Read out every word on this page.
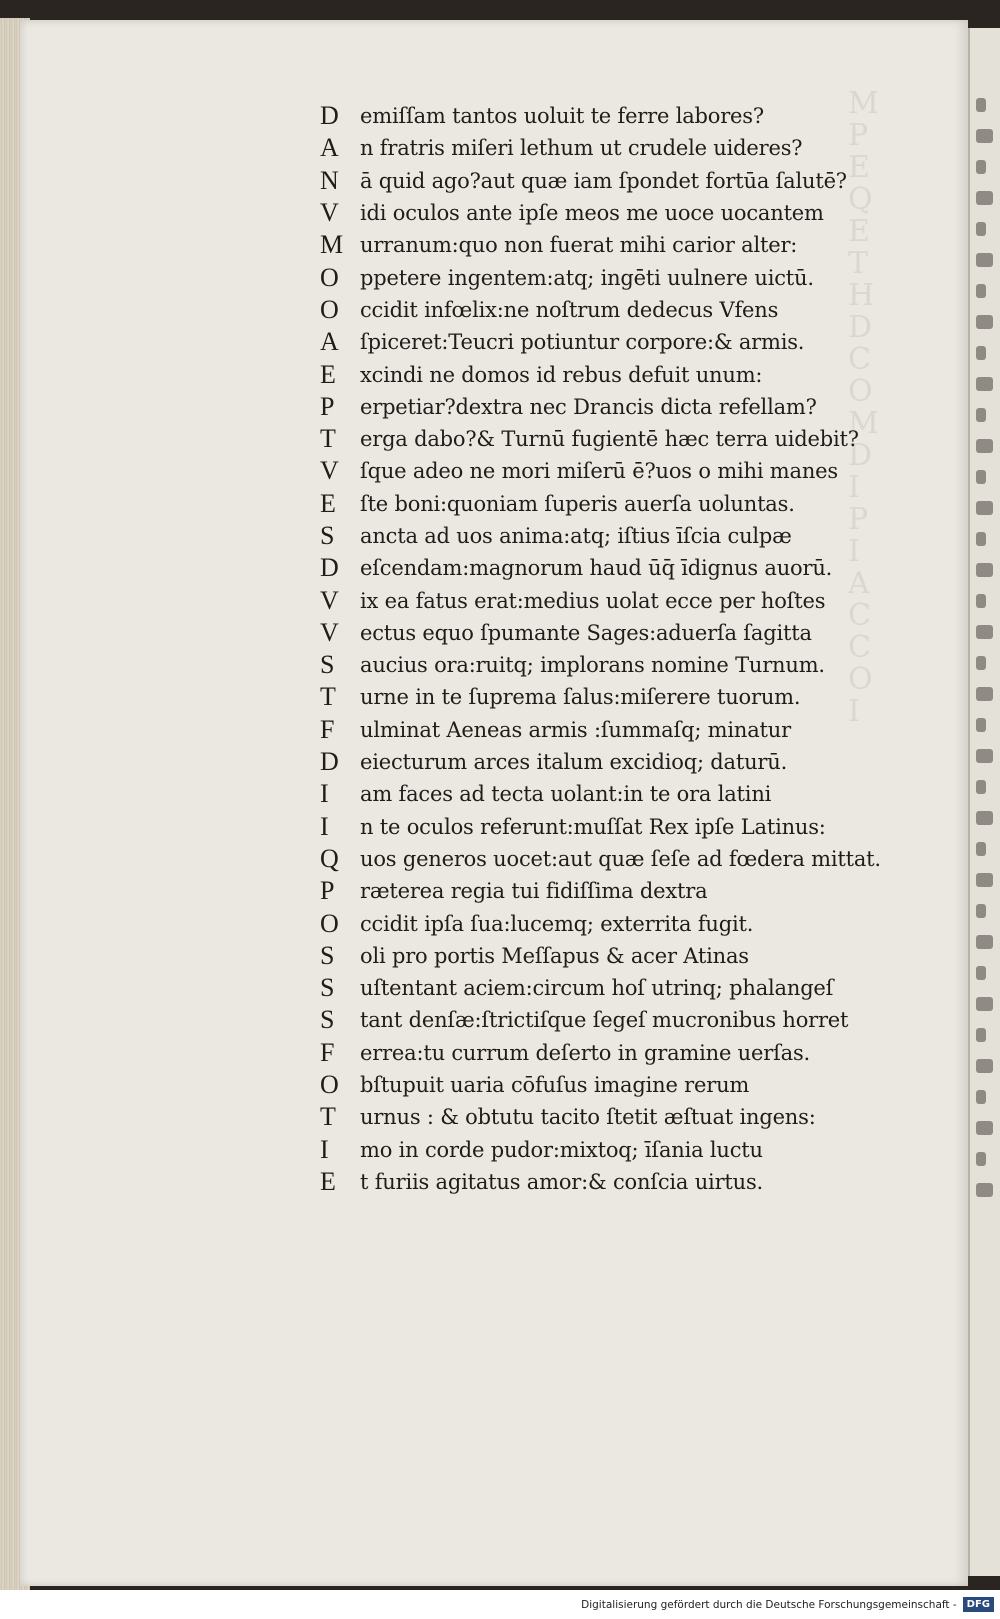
M
P
E
Q
E
T
H
D
C
O
M
D
I
P
I
A
C
C
O
I
D	emiſſam tantos uoluit te ferre labores?
A	n fratris miſeri lethum ut crudele uideres?
N	ā quid ago?aut quæ iam ſpondet fortūa ſalutē?
V	idi oculos ante ipſe meos me uoce uocantem
M urranum:quo non fuerat mihi carior alter:
O	ppetere ingentem:atq; ingēti uulnere uictū.
O	ccidit infœlix:ne noſtrum dedecus Vfens
A	ſpiceret:Teucri potiuntur corpore:& armis.
E	xcindi ne domos id rebus defuit unum:
P	erpetiar?dextra nec Drancis dicta refellam?
T	erga dabo?& Turnū fugientē hæc terra uidebit?
V	ſque adeo ne mori miſerū ē?uos o mihi manes
E	ſte boni:quoniam ſuperis auerſa uoluntas.
S	ancta ad uos anima:atq; iſtius īſcia culpæ
D	eſcendam:magnorum haud ūq̄ īdignus auorū.
V	ix ea fatus erat:medius uolat ecce per hoſtes
V	ectus equo ſpumante Sages:aduerſa ſagitta
S	aucius ora:ruitq; implorans nomine Turnum.
T	urne in te ſuprema ſalus:miſerere tuorum.
F	ulminat Aeneas armis :ſummaſq; minatur
D	eiecturum arces italum excidioq; daturū.
I	am faces ad tecta uolant:in te ora latini
I	n te oculos referunt:muſſat Rex ipſe Latinus:
Q	uos generos uocet:aut quæ ſeſe ad fœdera mittat.
P	ræterea regia tui fidiſſima dextra
O	ccidit ipſa ſua:lucemq; exterrita fugit.
S	oli pro portis Meſſapus & acer Atinas
S	uſtentant aciem:circum hoſ utrinq; phalangeſ
S	tant denſæ:ſtrictiſque ſegeſ mucronibus horret
F	errea:tu currum deſerto in gramine uerſas.
O	bſtupuit uaria cōfuſus imagine rerum
T	urnus : & obtutu tacito ſtetit æſtuat ingens:
I	mo in corde pudor:mixtoq; īſania luctu
E	t furiis agitatus amor:& conſcia uirtus.
Digitalisierung gefördert durch die Deutsche Forschungsgemeinschaft -	DFG
